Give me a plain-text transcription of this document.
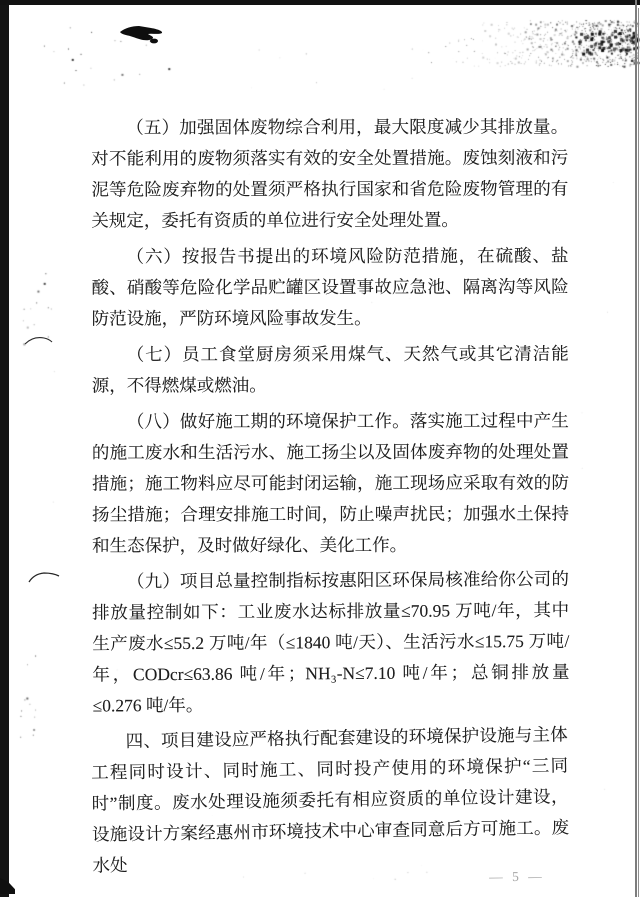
（五）加强固体废物综合利用，最大限度减少其排放量。对不能利用的废物须落实有效的安全处置措施。废蚀刻液和污泥等危险废弃物的处置须严格执行国家和省危险废物管理的有关规定，委托有资质的单位进行安全处理处置。

（六）按报告书提出的环境风险防范措施，在硫酸、盐酸、硝酸等危险化学品贮罐区设置事故应急池、隔离沟等风险防范设施，严防环境风险事故发生。

（七）员工食堂厨房须采用煤气、天然气或其它清洁能源，不得燃煤或燃油。

（八）做好施工期的环境保护工作。落实施工过程中产生的施工废水和生活污水、施工扬尘以及固体废弃物的处理处置措施；施工物料应尽可能封闭运输，施工现场应采取有效的防扬尘措施；合理安排施工时间，防止噪声扰民；加强水土保持和生态保护，及时做好绿化、美化工作。

（九）项目总量控制指标按惠阳区环保局核准给你公司的排放量控制如下：工业废水达标排放量≤70.95 万吨/年，其中生产废水≤55.2 万吨/年（≤1840 吨/天）、生活污水≤15.75 万吨/年，CODcr≤63.86 吨/年；NH₃-N≤7.10 吨/年；总铜排放量≤0.276 吨/年。

四、项目建设应严格执行配套建设的环境保护设施与主体工程同时设计、同时施工、同时投产使用的环境保护“三同时”制度。废水处理设施须委托有相应资质的单位设计建设，设施设计方案经惠州市环境技术中心审查同意后方可施工。废水处

— 5 —
